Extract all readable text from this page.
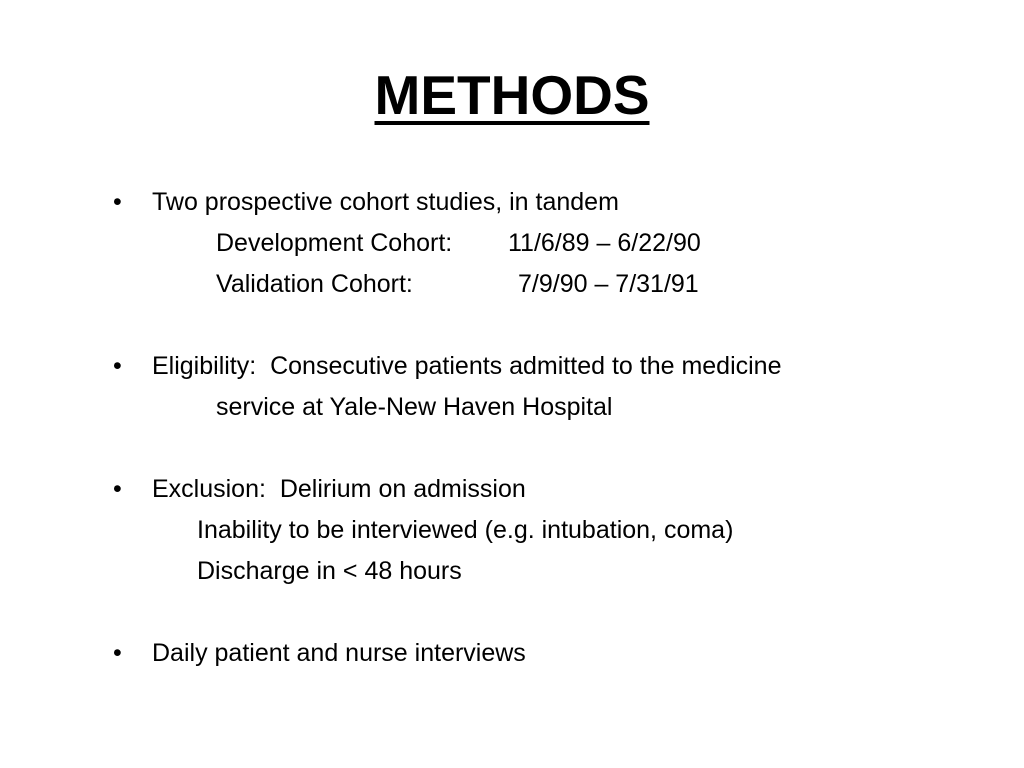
METHODS
• Two prospective cohort studies, in tandem
Development Cohort: 11/6/89 – 6/22/90
Validation Cohort:	7/9/90 – 7/31/91
• Eligibility:  Consecutive patients admitted to the medicine
service at Yale-New Haven Hospital
• Exclusion:  Delirium on admission
Inability to be interviewed (e.g. intubation, coma)
Discharge in < 48 hours
• Daily patient and nurse interviews
